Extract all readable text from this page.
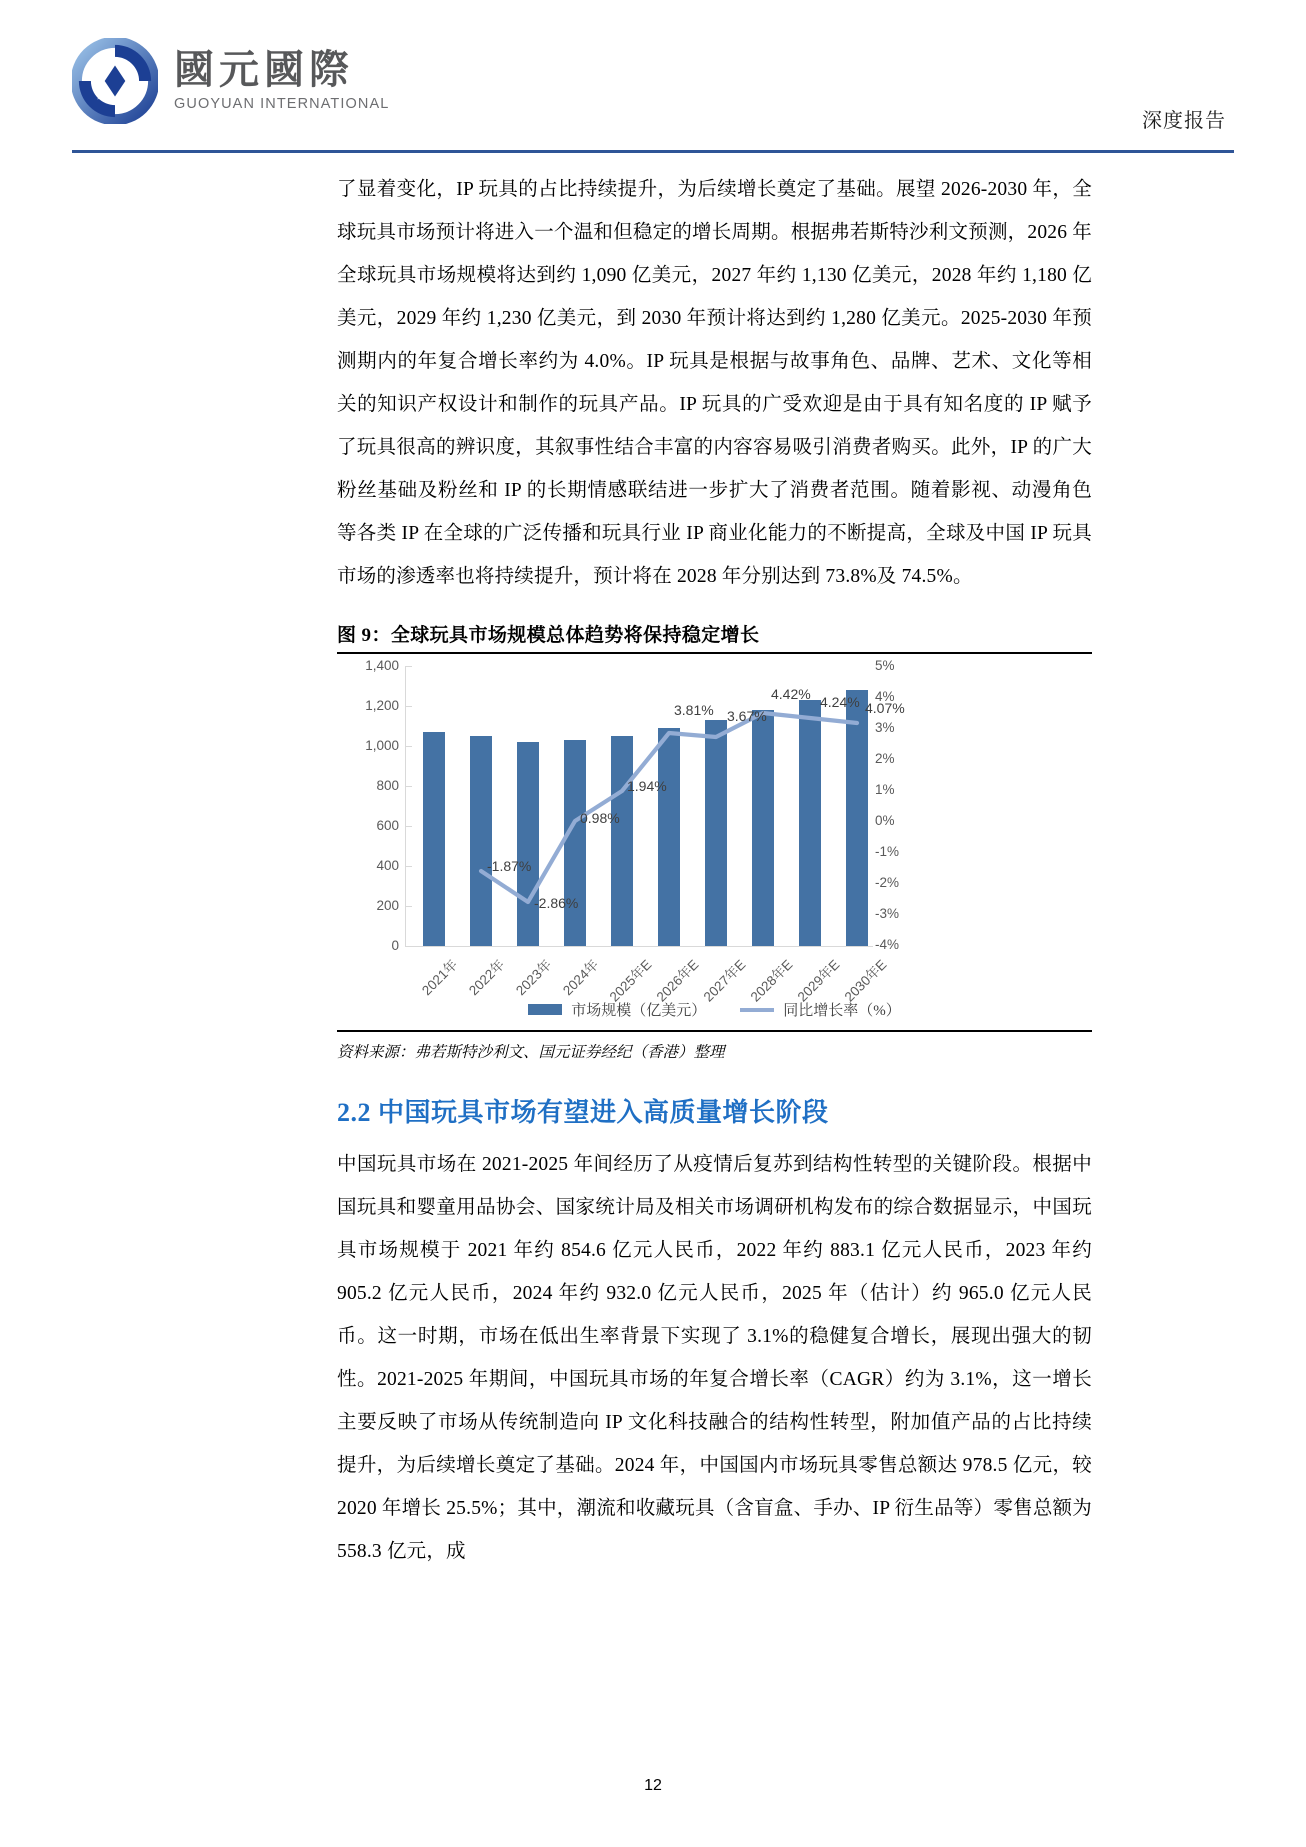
國元國際
GUOYUAN INTERNATIONAL
深度报告

了显着变化，IP 玩具的占比持续提升，为后续增长奠定了基础。展望 2026-2030 年，全球玩具市场预计将进入一个温和但稳定的增长周期。根据弗若斯特沙利文预测，2026 年全球玩具市场规模将达到约 1,090 亿美元，2027 年约 1,130 亿美元，2028 年约 1,180 亿美元，2029 年约 1,230 亿美元，到 2030 年预计将达到约 1,280 亿美元。2025-2030 年预测期内的年复合增长率约为 4.0%。IP 玩具是根据与故事角色、品牌、艺术、文化等相关的知识产权设计和制作的玩具产品。IP 玩具的广受欢迎是由于具有知名度的 IP 赋予了玩具很高的辨识度，其叙事性结合丰富的内容容易吸引消费者购买。此外，IP 的广大粉丝基础及粉丝和 IP 的长期情感联结进一步扩大了消费者范围。随着影视、动漫角色等各类 IP 在全球的广泛传播和玩具行业 IP 商业化能力的不断提高，全球及中国 IP 玩具市场的渗透率也将持续提升，预计将在 2028 年分别达到 73.8%及 74.5%。

图 9：全球玩具市场规模总体趋势将保持稳定增长
1,400
1,200
1,000
800
600
400
200
0
5%
4%
3%
2%
1%
0%
-1%
-2%
-3%
-4%
-1.87%
-2.86%
0.98%
1.94%
3.81% 3.67%
4.42% 4.24% 4.07%
2021年 2022年 2023年 2024年 2025年E 2026年E 2027年E 2028年E 2029年E 2030年E
市场规模（亿美元）	同比增长率（%）
资料来源：弗若斯特沙利文、国元证券经纪（香港）整理
2.2 中国玩具市场有望进入高质量增长阶段

中国玩具市场在 2021-2025 年间经历了从疫情后复苏到结构性转型的关键阶段。根据中国玩具和婴童用品协会、国家统计局及相关市场调研机构发布的综合数据显示，中国玩具市场规模于 2021 年约 854.6 亿元人民币，2022 年约 883.1 亿元人民币，2023 年约 905.2 亿元人民币，2024 年约 932.0 亿元人民币，2025 年（估计）约 965.0 亿元人民币。这一时期，市场在低出生率背景下实现了 3.1%的稳健复合增长，展现出强大的韧性。2021-2025 年期间，中国玩具市场的年复合增长率（CAGR）约为 3.1%，这一增长主要反映了市场从传统制造向 IP 文化科技融合的结构性转型，附加值产品的占比持续提升，为后续增长奠定了基础。2024 年，中国国内市场玩具零售总额达 978.5 亿元，较 2020 年增长 25.5%；其中，潮流和收藏玩具（含盲盒、手办、IP 衍生品等）零售总额为 558.3 亿元，成

12
